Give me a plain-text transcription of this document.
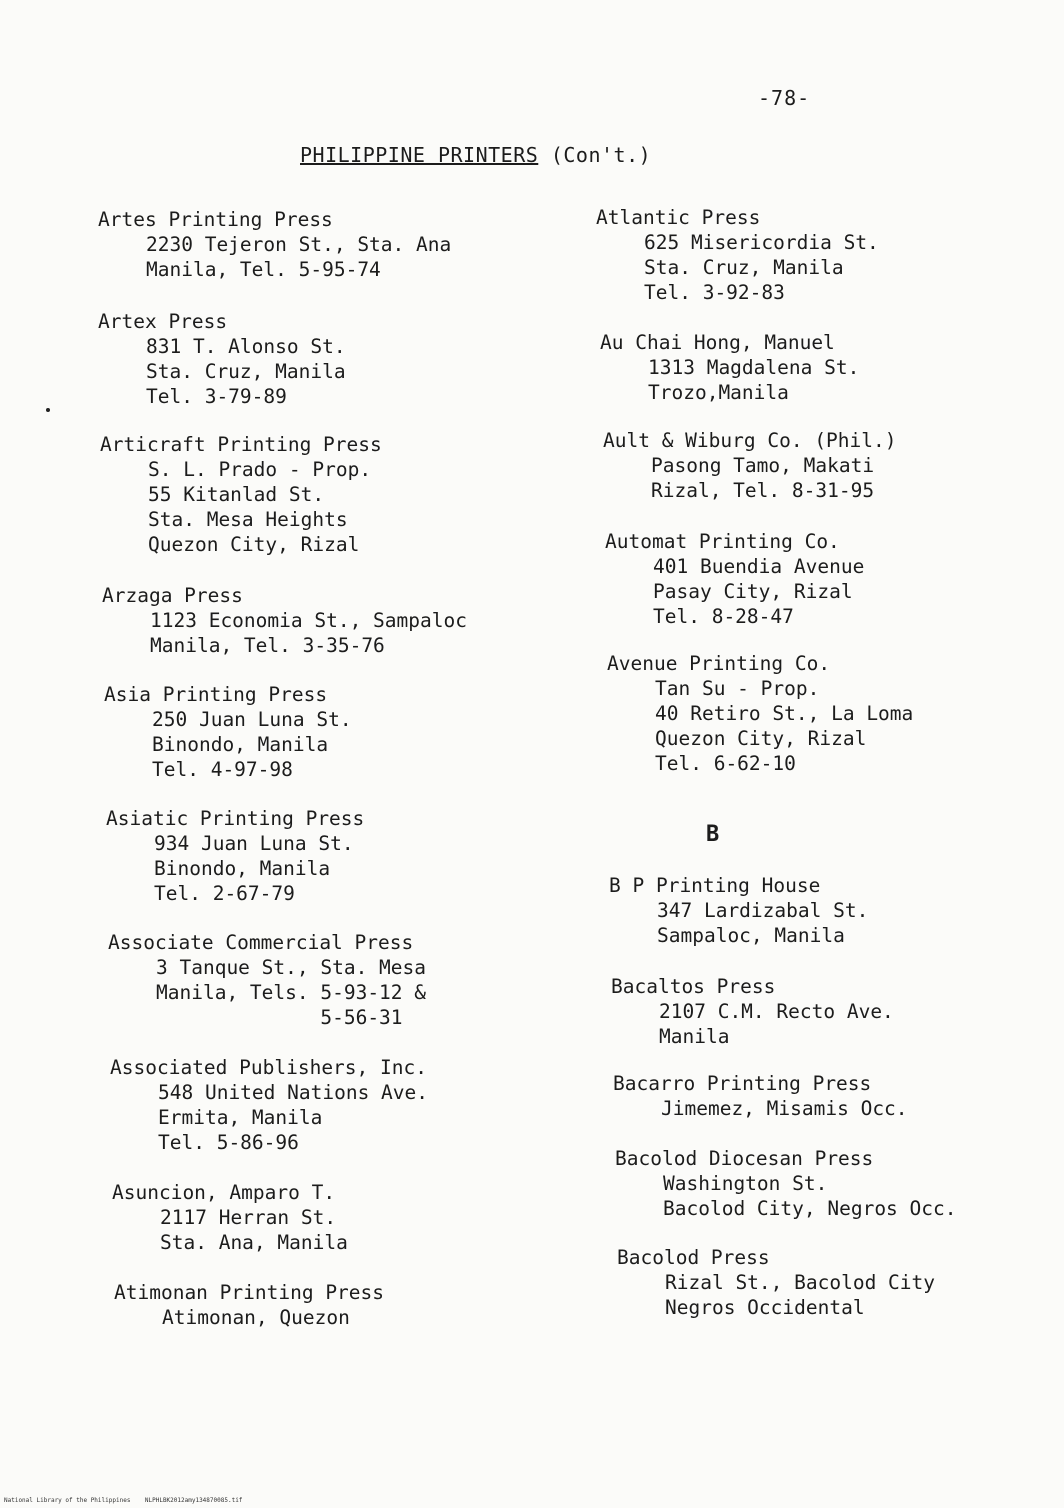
-78-
PHILIPPINE PRINTERS (Con't.)
Artes Printing Press
2230 Tejeron St., Sta. Ana
Manila, Tel. 5-95-74
Artex Press
831 T. Alonso St.
Sta. Cruz, Manila
Tel. 3-79-89
Articraft Printing Press
S. L. Prado - Prop.
55 Kitanlad St.
Sta. Mesa Heights
Quezon City, Rizal
Arzaga Press
1123 Economia St., Sampaloc
Manila, Tel. 3-35-76
Asia Printing Press
250 Juan Luna St.
Binondo, Manila
Tel. 4-97-98
Asiatic Printing Press
934 Juan Luna St.
Binondo, Manila
Tel. 2-67-79
Associate Commercial Press
3 Tanque St., Sta. Mesa
Manila, Tels. 5-93-12 &
5-56-31
Associated Publishers, Inc.
548 United Nations Ave.
Ermita, Manila
Tel. 5-86-96
Asuncion, Amparo T.
2117 Herran St.
Sta. Ana, Manila
Atimonan Printing Press
Atimonan, Quezon
Atlantic Press
625 Misericordia St.
Sta. Cruz, Manila
Tel. 3-92-83
Au Chai Hong, Manuel
1313 Magdalena St.
Trozo,Manila
Ault & Wiburg Co. (Phil.)
Pasong Tamo, Makati
Rizal, Tel. 8-31-95
Automat Printing Co.
401 Buendia Avenue
Pasay City, Rizal
Tel. 8-28-47
Avenue Printing Co.
Tan Su - Prop.
40 Retiro St., La Loma
Quezon City, Rizal
Tel. 6-62-10
B P Printing House
347 Lardizabal St.
Sampaloc, Manila
Bacaltos Press
2107 C.M. Recto Ave.
Manila
Bacarro Printing Press
Jimemez, Misamis Occ.
Bacolod Diocesan Press
Washington St.
Bacolod City, Negros Occ.
Bacolod Press
Rizal St., Bacolod City
Negros Occidental
B
National Library of the Philippines    NLPHLBK2012amy134870085.tif
